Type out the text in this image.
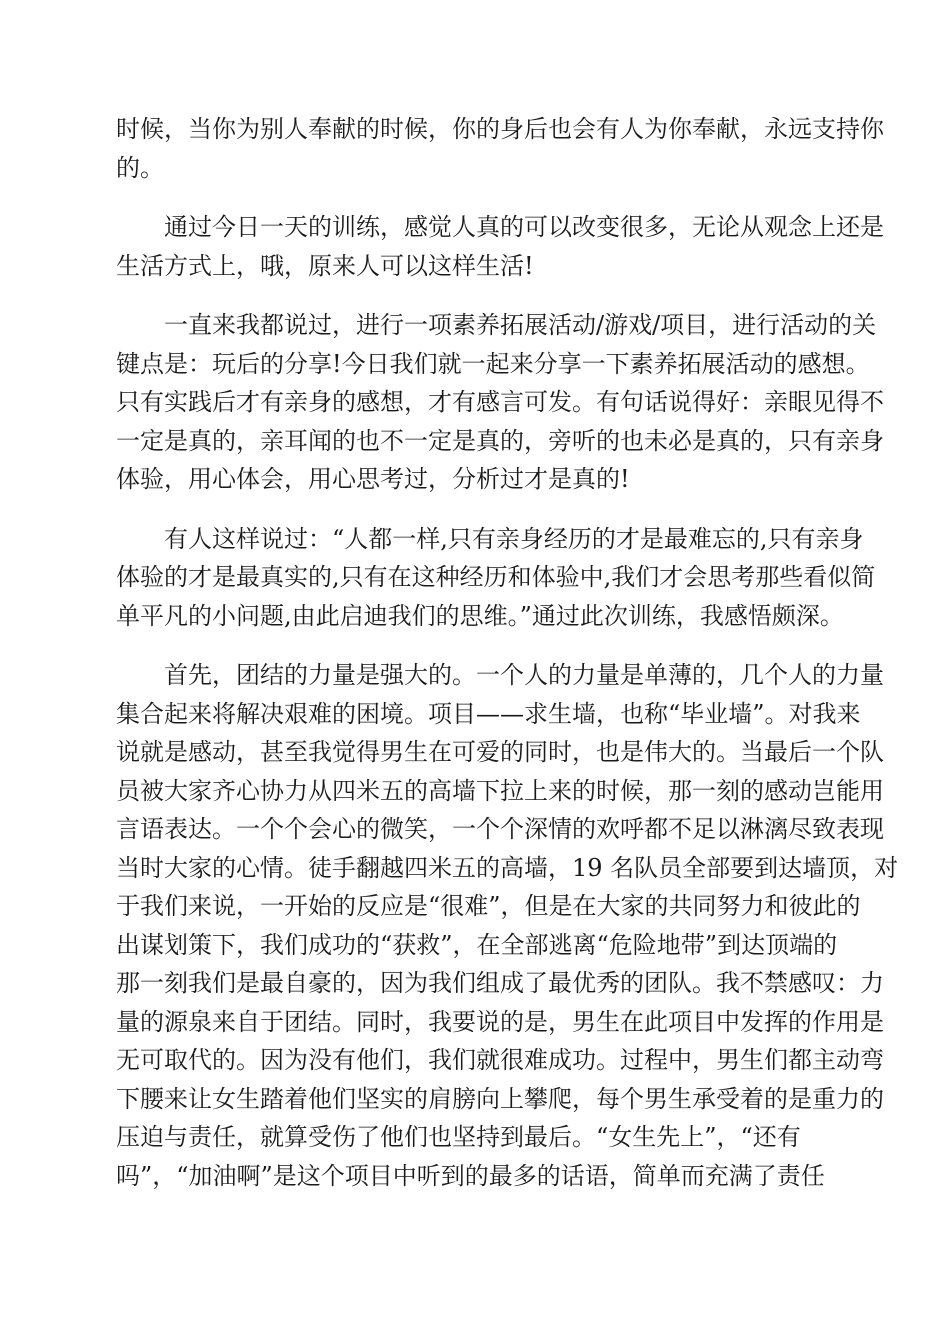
时候，当你为别人奉献的时候，你的身后也会有人为你奉献，永远支持你
的。
通过今日一天的训练，感觉人真的可以改变很多，无论从观念上还是
生活方式上，哦，原来人可以这样生活!
一直来我都说过，进行一项素养拓展活动/游戏/项目，进行活动的关
键点是：玩后的分享!今日我们就一起来分享一下素养拓展活动的感想。
只有实践后才有亲身的感想，才有感言可发。有句话说得好：亲眼见得不
一定是真的，亲耳闻的也不一定是真的，旁听的也未必是真的，只有亲身
体验，用心体会，用心思考过，分析过才是真的!
有人这样说过：“人都一样,只有亲身经历的才是最难忘的,只有亲身
体验的才是最真实的,只有在这种经历和体验中,我们才会思考那些看似简
单平凡的小问题,由此启迪我们的思维。”通过此次训练，我感悟颇深。
首先，团结的力量是强大的。一个人的力量是单薄的，几个人的力量
集合起来将解决艰难的困境。项目——求生墙，也称“毕业墙”。对我来
说就是感动，甚至我觉得男生在可爱的同时，也是伟大的。当最后一个队
员被大家齐心协力从四米五的高墙下拉上来的时候，那一刻的感动岂能用
言语表达。一个个会心的微笑，一个个深情的欢呼都不足以淋漓尽致表现
当时大家的心情。徒手翻越四米五的高墙，19 名队员全部要到达墙顶，对
于我们来说，一开始的反应是“很难”，但是在大家的共同努力和彼此的
出谋划策下，我们成功的“获救”，在全部逃离“危险地带”到达顶端的
那一刻我们是最自豪的，因为我们组成了最优秀的团队。我不禁感叹：力
量的源泉来自于团结。同时，我要说的是，男生在此项目中发挥的作用是
无可取代的。因为没有他们，我们就很难成功。过程中，男生们都主动弯
下腰来让女生踏着他们坚实的肩膀向上攀爬，每个男生承受着的是重力的
压迫与责任，就算受伤了他们也坚持到最后。“女生先上”，“还有
吗”，“加油啊”是这个项目中听到的最多的话语，简单而充满了责任
